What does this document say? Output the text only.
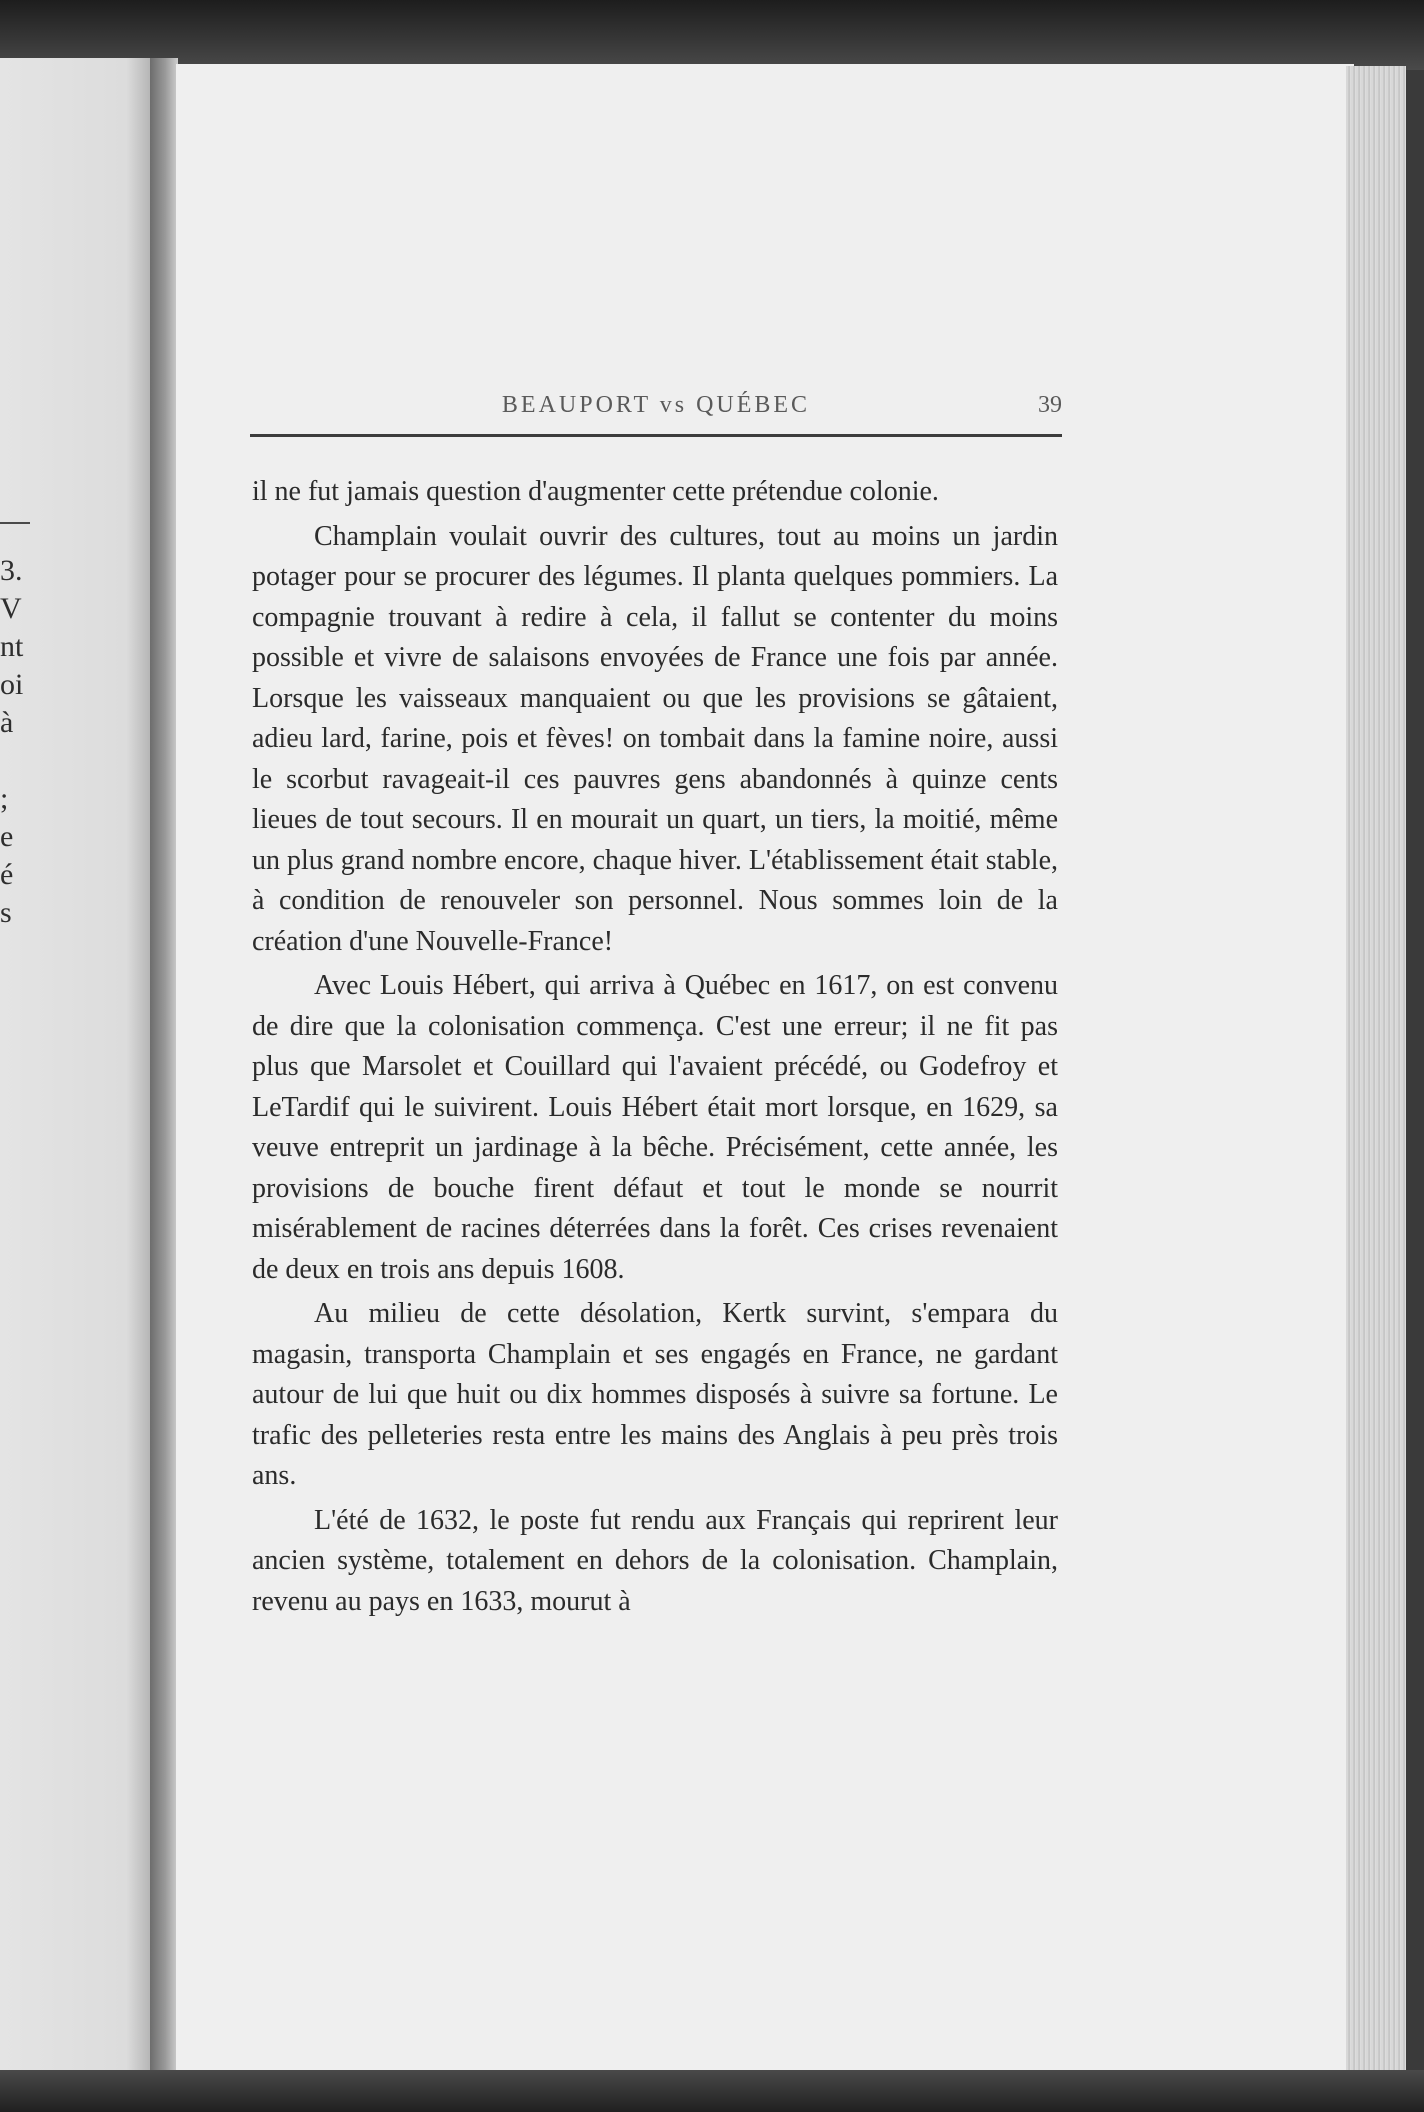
3.
V
nt
oi
à
;
e
é
s
BEAUPORT vs QUÉBEC	39

il ne fut jamais question d'augmenter cette prétendue colonie.

Champlain voulait ouvrir des cultures, tout au moins un jardin potager pour se procurer des légumes. Il planta quelques pommiers. La compagnie trouvant à redire à cela, il fallut se contenter du moins possible et vivre de salaisons envoyées de France une fois par année. Lorsque les vaisseaux manquaient ou que les provisions se gâtaient, adieu lard, farine, pois et fèves! on tombait dans la famine noire, aussi le scorbut ravageait-il ces pauvres gens abandonnés à quinze cents lieues de tout secours. Il en mourait un quart, un tiers, la moitié, même un plus grand nombre encore, chaque hiver. L'établissement était stable, à condition de renouveler son personnel. Nous sommes loin de la création d'une Nouvelle-France!

Avec Louis Hébert, qui arriva à Québec en 1617, on est convenu de dire que la colonisation commença. C'est une erreur; il ne fit pas plus que Marsolet et Couillard qui l'avaient précédé, ou Godefroy et LeTardif qui le suivirent. Louis Hébert était mort lorsque, en 1629, sa veuve entreprit un jardinage à la bêche. Précisément, cette année, les provisions de bouche firent défaut et tout le monde se nourrit misérablement de racines déterrées dans la forêt. Ces crises revenaient de deux en trois ans depuis 1608.

Au milieu de cette désolation, Kertk survint, s'empara du magasin, transporta Champlain et ses engagés en France, ne gardant autour de lui que huit ou dix hommes disposés à suivre sa fortune. Le trafic des pelleteries resta entre les mains des Anglais à peu près trois ans.

L'été de 1632, le poste fut rendu aux Français qui reprirent leur ancien système, totalement en dehors de la colonisation. Champlain, revenu au pays en 1633, mourut à
